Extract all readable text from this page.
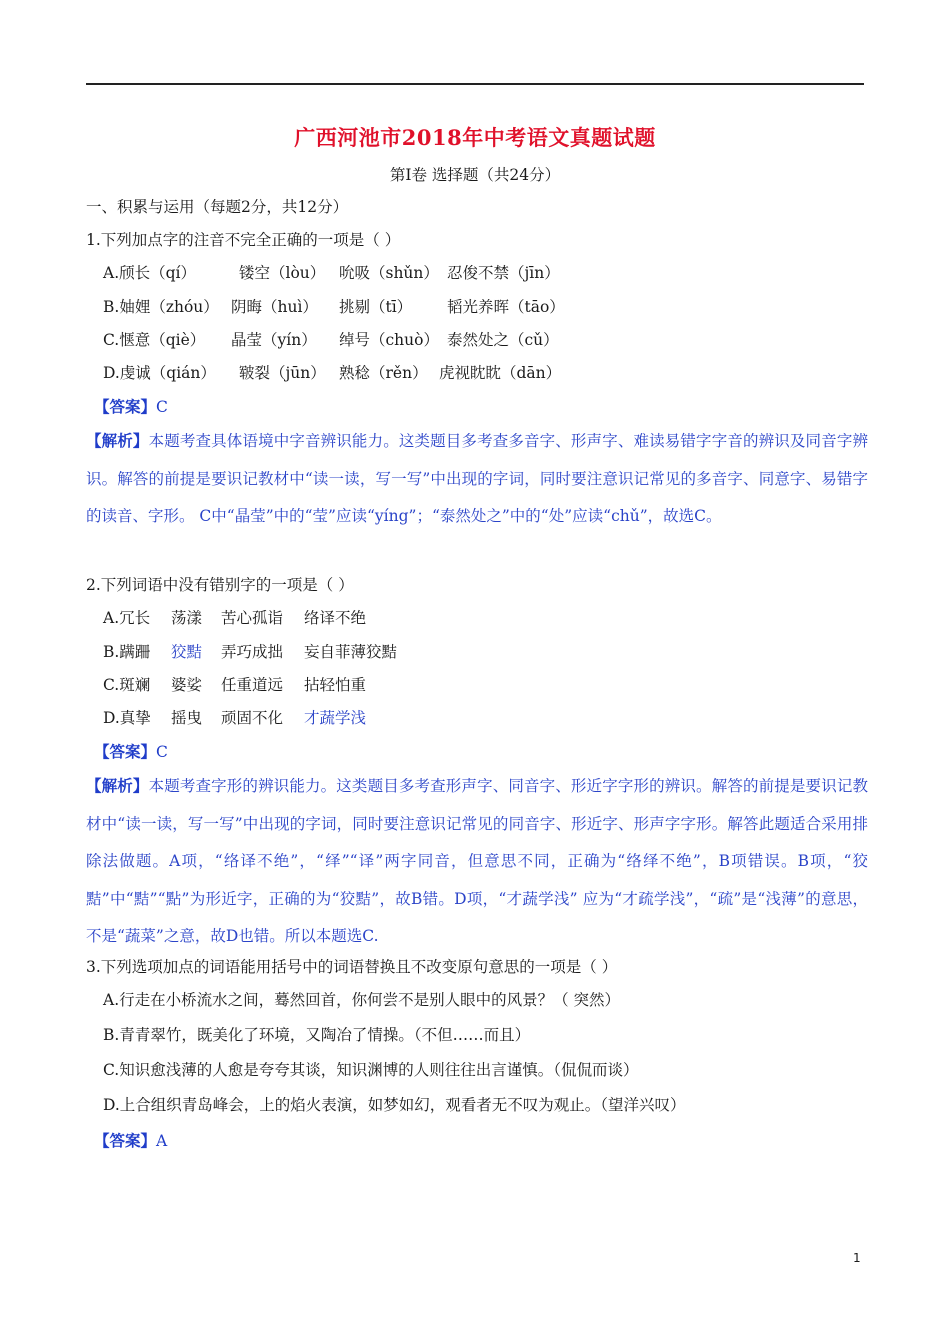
广西河池市2018年中考语文真题试题
第Ⅰ卷 选择题（共24分）
一、积累与运用（每题2分，共12分）
1.下列加点字的注音不完全正确的一项是（ ）
A.颀长（qí）	镂空（lòu） 吮吸（shǔn） 忍俊不禁（jīn）
B.妯娌（zhóu） 阴晦（huì） 挑剔（tī） 韬光养晖（tāo）
C.惬意（qiè） 晶莹（yín） 绰号（chuò） 泰然处之（cǔ）
D.虔诚（qián） 皲裂（jūn） 熟稔（rěn） 虎视眈眈（dān）
【答案】C
【解析】本题考查具体语境中字音辨识能力。这类题目多考查多音字、形声字、难读易错字字音的辨识及同音字辨识。解答的前提是要识记教材中“读一读，写一写”中出现的字词，同时要注意识记常见的多音字、同意字、易错字的读音、字形。 C中“晶莹”中的“莹”应读“yíng”；“泰然处之”中的“处”应读“chǔ”，故选C。
2.下列词语中没有错别字的一项是（ ）
A.冗长 荡漾 苦心孤诣 络译不绝
B.蹒跚 狡黠 弄巧成拙 妄自菲薄狡黠
C.斑斓 婆娑 任重道远 拈轻怕重
D.真挚 摇曳 顽固不化 才蔬学浅
【答案】C
【解析】本题考查字形的辨识能力。这类题目多考查形声字、同音字、形近字字形的辨识。解答的前提是要识记教材中“读一读，写一写”中出现的字词，同时要注意识记常见的同音字、形近字、形声字字形。解答此题适合采用排除法做题。A项，“络译不绝”，“绎”“译”两字同音，但意思不同，正确为“络绎不绝”，B项错误。B项，“狡黠”中“黠”“點”为形近字，正确的为“狡黠”，故B错。D项，“才蔬学浅” 应为“才疏学浅”，“疏”是“浅薄”的意思，不是“蔬菜”之意，故D也错。所以本题选C.
3.下列选项加点的词语能用括号中的词语替换且不改变原句意思的一项是（ ）
A.行走在小桥流水之间，蓦然回首，你何尝不是别人眼中的风景？（ 突然）
B.青青翠竹，既美化了环境，又陶冶了情操。（不但……而且）
C.知识愈浅薄的人愈是夸夸其谈，知识渊博的人则往往出言谨慎。（侃侃而谈）
D.上合组织青岛峰会，上的焰火表演，如梦如幻，观看者无不叹为观止。（望洋兴叹）
【答案】A
1
